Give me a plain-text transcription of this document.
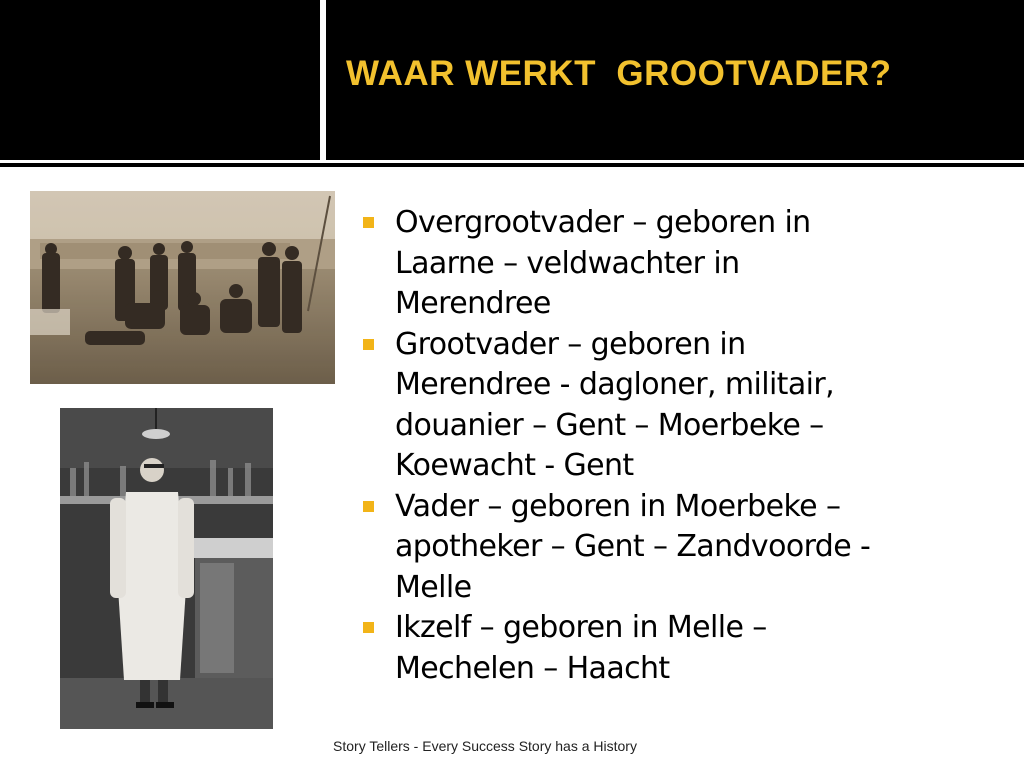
WAAR WERKT  GROOTVADER?
Overgrootvader – geboren in
Laarne – veldwachter in
Merendree
Grootvader – geboren in
Merendree - dagloner, militair,
douanier – Gent – Moerbeke –
Koewacht - Gent
Vader – geboren in Moerbeke –
apotheker – Gent – Zandvoorde -
Melle
Ikzelf – geboren in Melle –
Mechelen – Haacht
Story Tellers - Every Success Story has a History
